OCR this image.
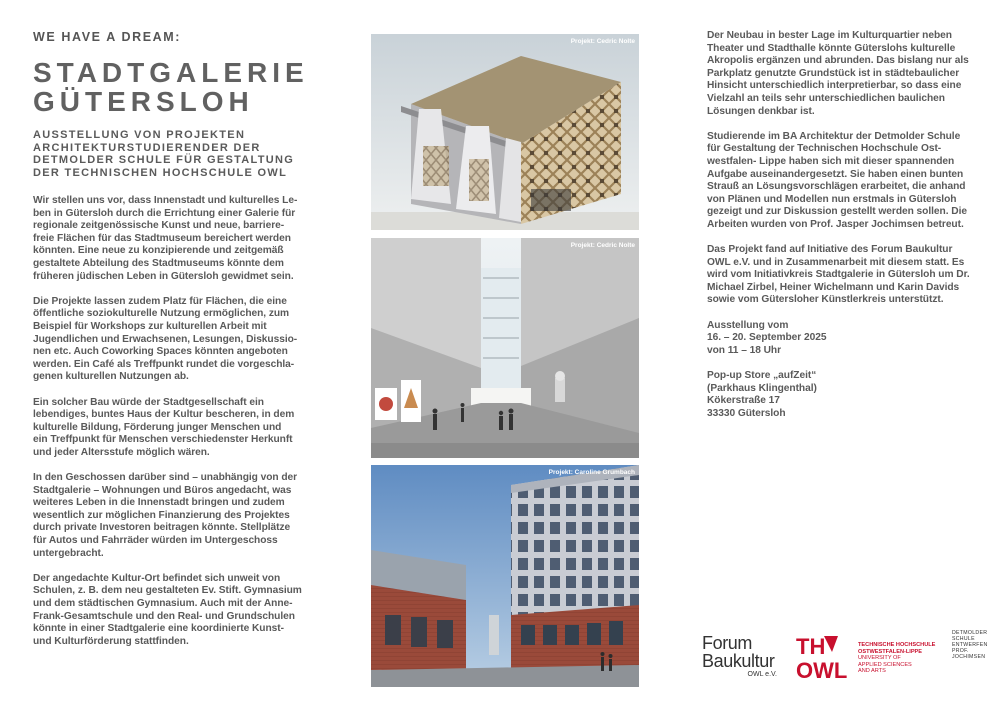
WE HAVE A DREAM:
STADTGALERIE
GÜTERSLOH
AUSSTELLUNG VON PROJEKTEN
ARCHITEKTURSTUDIERENDER DER
DETMOLDER SCHULE FÜR GESTALTUNG
DER TECHNISCHEN HOCHSCHULE OWL

Wir stellen uns vor, dass Innenstadt und kulturelles Le-
ben in Gütersloh durch die Errichtung einer Galerie für
regionale zeitgenössische Kunst und neue, barriere-
freie Flächen für das Stadtmuseum bereichert werden
könnten. Eine neue zu konzipierende und zeitgemäß
gestaltete Abteilung des Stadtmuseums könnte dem
früheren jüdischen Leben in Gütersloh gewidmet sein.

Die Projekte lassen zudem Platz für Flächen, die eine
öffentliche soziokulturelle Nutzung ermöglichen, zum
Beispiel für Workshops zur kulturellen Arbeit mit
Jugendlichen und Erwachsenen, Lesungen, Diskussio-
nen etc. Auch Coworking Spaces könnten angeboten
werden. Ein Café als Treffpunkt rundet die vorgeschla-
genen kulturellen Nutzungen ab.

Ein solcher Bau würde der Stadtgesellschaft ein
lebendiges, buntes Haus der Kultur bescheren, in dem
kulturelle Bildung, Förderung junger Menschen und
ein Treffpunkt für Menschen verschiedenster Herkunft
und jeder Altersstufe möglich wären.

In den Geschossen darüber sind – unabhängig von der
Stadtgalerie – Wohnungen und Büros angedacht, was
weiteres Leben in die Innenstadt bringen und zudem
wesentlich zur möglichen Finanzierung des Projektes
durch private Investoren beitragen könnte. Stellplätze
für Autos und Fahrräder würden im Untergeschoss
untergebracht.

Der angedachte Kultur-Ort befindet sich unweit von
Schulen, z. B. dem neu gestalteten Ev. Stift. Gymnasium
und dem städtischen Gymnasium. Auch mit der Anne-
Frank-Gesamtschule und den Real- und Grundschulen
könnte in einer Stadtgalerie eine koordinierte Kunst-
und Kulturförderung stattfinden.

Projekt: Cedric Nolte
Projekt: Cedric Nolte
Projekt: Caroline Grumbach

Der Neubau in bester Lage im Kulturquartier neben
Theater und Stadthalle könnte Güterslohs kulturelle
Akropolis ergänzen und abrunden. Das bislang nur als
Parkplatz genutzte Grundstück ist in städtebaulicher
Hinsicht unterschiedlich interpretierbar, so dass eine
Vielzahl an teils sehr unterschiedlichen baulichen
Lösungen denkbar ist.

Studierende im BA Architektur der Detmolder Schule
für Gestaltung der Technischen Hochschule Ost-
westfalen- Lippe haben sich mit dieser spannenden
Aufgabe auseinandergesetzt. Sie haben einen bunten
Strauß an Lösungsvorschlägen erarbeitet, die anhand
von Plänen und Modellen nun erstmals in Gütersloh
gezeigt und zur Diskussion gestellt werden sollen. Die
Arbeiten wurden von Prof. Jasper Jochimsen betreut.

Das Projekt fand auf Initiative des Forum Baukultur
OWL e.V. und in Zusammenarbeit mit diesem statt. Es
wird vom Initiativkreis Stadtgalerie in Gütersloh um Dr.
Michael Zirbel, Heiner Wichelmann und Karin Davids
sowie vom Gütersloher Künstlerkreis unterstützt.

Ausstellung vom
16. – 20. September 2025
von 11 – 18 Uhr

Pop-up Store „aufZeit“
(Parkhaus Klingenthal)
Kökerstraße 17
33330 Gütersloh

Forum
Baukultur
OWL e.V.
TH
OWL
TECHNISCHE HOCHSCHULE
OSTWESTFALEN-LIPPE
UNIVERSITY OF
APPLIED SCIENCES
AND ARTS
DETMOLDER
SCHULE
ENTWERFEN
PROF.
JOCHIMSEN
